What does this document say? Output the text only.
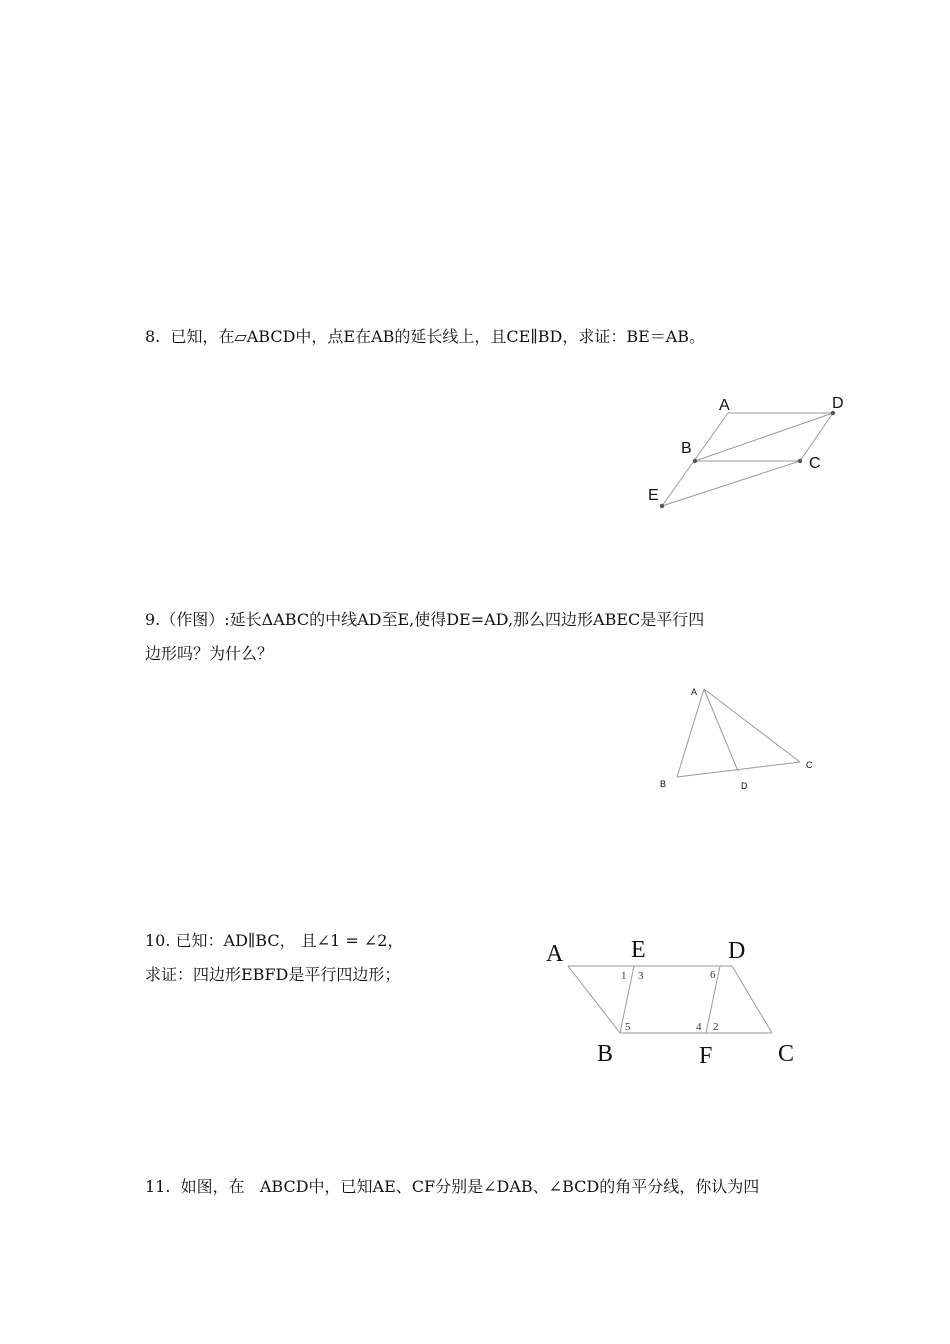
8.  已知，在▱ABCD中，点E在AB的延长线上，且CE∥BD，求证：BE＝AB。
A	D
B
C
E
9.（作图）:延长ΔABC的中线AD至E,使得DE=AD,那么四边形ABEC是平行四
边形吗？为什么？
A
B	D
C
10. 已知：AD∥BC， 且∠1 = ∠2，
求证：四边形EBFD是平行四边形；
A	E	D
B	F	C
1 3	6
5	4 2
11.  如图，在   ABCD中，已知AE、CF分别是∠DAB、∠BCD的角平分线，你认为四
